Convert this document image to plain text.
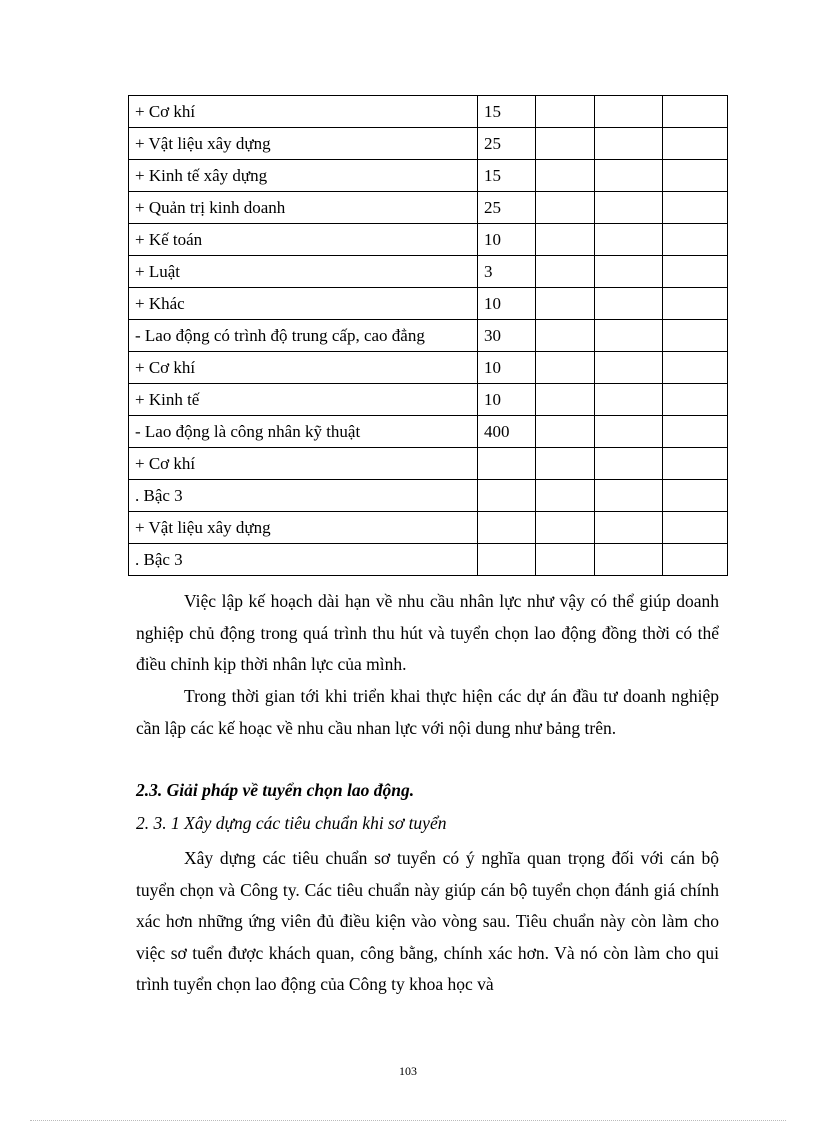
+ Cơ khí	15			
+ Vật liệu xây dựng	25			
+ Kinh tế xây dựng	15			
+ Quản trị kinh doanh	25			
+ Kế toán	10			
+ Luật	3			
+ Khác	10			
- Lao động có trình độ trung cấp, cao đẳng	30			
+ Cơ khí	10			
+ Kinh tế	10			
- Lao động là công nhân kỹ thuật	400			
+ Cơ khí				
. Bậc 3				
+ Vật liệu xây dựng				
. Bậc 3				

Việc lập kế hoạch dài hạn về nhu cầu nhân lực như vậy có thể giúp doanh nghiệp chủ động trong quá trình thu hút và tuyển chọn lao động đồng thời có thể điều chỉnh kịp thời nhân lực của mình.

Trong thời gian tới khi triển khai thực hiện các dự án đầu tư doanh nghiệp cần lập các kế hoạc về nhu cầu nhan lực với nội dung như bảng trên.

2.3. Giải pháp về tuyển chọn lao động.

2. 3. 1 Xây dựng các tiêu chuẩn khi sơ tuyển

Xây dựng các tiêu chuẩn sơ tuyển có ý nghĩa quan trọng đối với cán bộ tuyển chọn và Công ty. Các tiêu chuẩn này giúp cán bộ tuyển chọn đánh giá chính xác hơn những ứng viên đủ điều kiện vào vòng sau. Tiêu chuẩn này còn làm cho việc sơ tuển được khách quan, công bằng, chính xác hơn. Và nó còn làm cho qui trình tuyển chọn lao động của Công ty khoa học và

103
